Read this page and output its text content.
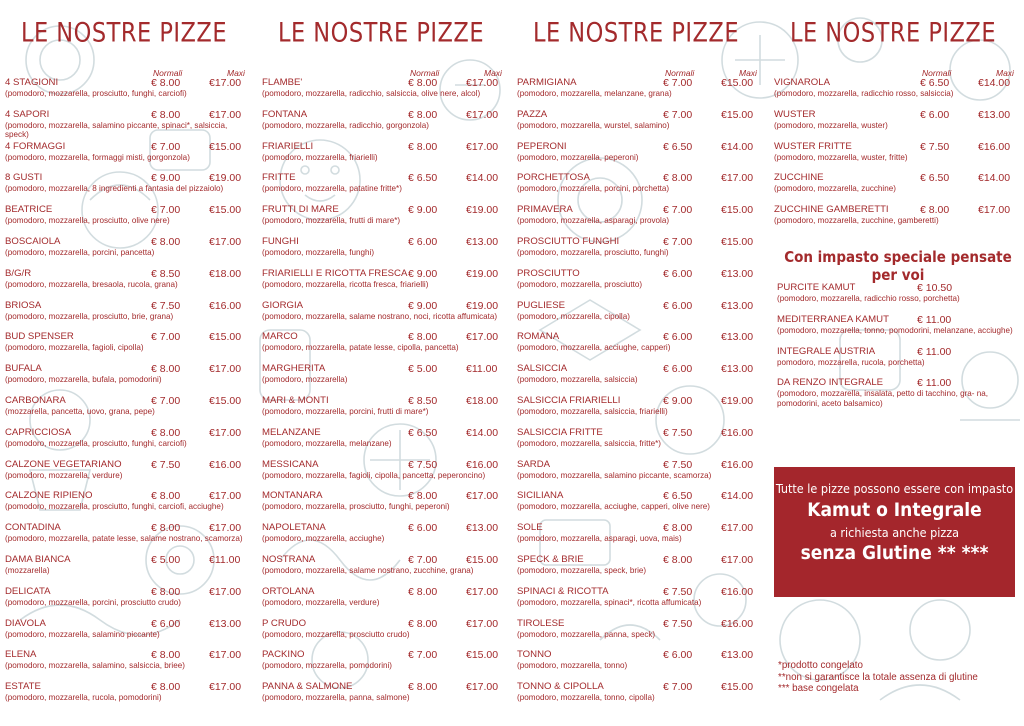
LE NOSTRE PIZZE
Normali	Maxi
4 STAGIONI	€ 8.00	€17.00
(pomodoro, mozzarella, prosciutto, funghi, carciofi)
4 SAPORI	€ 8.00	€17.00
(pomodoro, mozzarella, salamino piccante, spinaci*, salsiccia, speck)
4 FORMAGGI	€ 7.00	€15.00
(pomodoro, mozzarella, formaggi misti, gorgonzola)
8 GUSTI	€ 9.00	€19.00
(pomodoro, mozzarella, 8 ingredienti a fantasia del pizzaiolo)
BEATRICE	€ 7.00	€15.00
(pomodoro, mozzarella, prosciutto, olive nere)
BOSCAIOLA	€ 8.00	€17.00
(pomodoro, mozzarella, porcini, pancetta)
B/G/R	€ 8.50	€18.00
(pomodoro, mozzarella, bresaola, rucola, grana)
BRIOSA	€ 7.50	€16.00
(pomodoro, mozzarella, prosciutto, brie, grana)
BUD SPENSER	€ 7.00	€15.00
(pomodoro, mozzarella, fagioli, cipolla)
BUFALA	€ 8.00	€17.00
(pomodoro, mozzarella, bufala, pomodorini)
CARBONARA	€ 7.00	€15.00
(mozzarella, pancetta, uovo, grana, pepe)
CAPRICCIOSA	€ 8.00	€17.00
(pomodoro, mozzarella, prosciutto, funghi, carciofi)
CALZONE VEGETARIANO	€ 7.50	€16.00
(pomodoro, mozzarella, verdure)
CALZONE RIPIENO	€ 8.00	€17.00
(pomodoro, mozzarella, prosciutto, funghi, carciofi, acciughe)
CONTADINA	€ 8.00	€17.00
(pomodoro, mozzarella, patate lesse, salame nostrano, scamorza)
DAMA BIANCA	€ 5.00	€11.00
(mozzarella)
DELICATA	€ 8.00	€17.00
(pomodoro, mozzarella, porcini, prosciutto crudo)
DIAVOLA	€ 6.00	€13.00
(pomodoro, mozzarella, salamino piccante)
ELENA	€ 8.00	€17.00
(pomodoro, mozzarella, salamino, salsiccia, briee)
ESTATE	€ 8.00	€17.00
(pomodoro, mozzarella, rucola, pomodorini)
LE NOSTRE PIZZE
Normali	Maxi
FLAMBE'	€ 8.00	€17.00
(pomodoro, mozzarella, radicchio, salsiccia, olive nere, alcol)
FONTANA	€ 8.00	€17.00
(pomodoro, mozzarella, radicchio, gorgonzola)
FRIARIELLI	€ 8.00	€17.00
(pomodoro, mozzarella, friarielli)
FRITTE	€ 6.50	€14.00
(pomodoro, mozzarella, patatine fritte*)
FRUTTI DI MARE	€ 9.00	€19.00
(pomodoro, mozzarella, frutti di mare*)
FUNGHI	€ 6.00	€13.00
(pomodoro, mozzarella, funghi)
FRIARIELLI E RICOTTA FRESCA € 9.00	€19.00
(pomodoro, mozzarella, ricotta fresca, friarielli)
GIORGIA	€ 9.00	€19.00
(pomodoro, mozzarella, salame nostrano, noci, ricotta affumicata)
MARCO	€ 8.00	€17.00
(pomodoro, mozzarella, patate lesse, cipolla, pancetta)
MARGHERITA	€ 5.00	€11.00
(pomodoro, mozzarella)
MARI & MONTI	€ 8.50	€18.00
(pomodoro, mozzarella, porcini, frutti di mare*)
MELANZANE	€ 6.50	€14.00
(pomodoro, mozzarella, melanzane)
MESSICANA	€ 7.50	€16.00
(pomodoro, mozzarella, fagioli, cipolla, pancetta, peperoncino)
MONTANARA	€ 8.00	€17.00
(pomodoro, mozzarella, prosciutto, funghi, peperoni)
NAPOLETANA	€ 6.00	€13.00
(pomodoro, mozzarella, acciughe)
NOSTRANA	€ 7.00	€15.00
(pomodoro, mozzarella, salame nostrano, zucchine, grana)
ORTOLANA	€ 8.00	€17.00
(pomodoro, mozzarella, verdure)
P CRUDO	€ 8.00	€17.00
(pomodoro, mozzarella, prosciutto crudo)
PACKINO	€ 7.00	€15.00
(pomodoro, mozzarella, pomodorini)
PANNA & SALMONE	€ 8.00	€17.00
(pomodoro, mozzarella, panna, salmone)
LE NOSTRE PIZZE
Normali	Maxi
PARMIGIANA	€ 7.00	€15.00
(pomodoro, mozzarella, melanzane, grana)
PAZZA	€ 7.00	€15.00
(pomodoro, mozzarella, wurstel, salamino)
PEPERONI	€ 6.50	€14.00
(pomodoro, mozzarella, peperoni)
PORCHETTOSA	€ 8.00	€17.00
(pomodoro, mozzarella, porcini, porchetta)
PRIMAVERA	€ 7.00	€15.00
(pomodoro, mozzarella, asparagi, provola)
PROSCIUTTO FUNGHI	€ 7.00	€15.00
(pomodoro, mozzarella, prosciutto, funghi)
PROSCIUTTO	€ 6.00	€13.00
(pomodoro, mozzarella, prosciutto)
PUGLIESE	€ 6.00	€13.00
(pomodoro, mozzarella, cipolla)
ROMANA	€ 6.00	€13.00
(pomodoro, mozzarella, acciughe, capperi)
SALSICCIA	€ 6.00	€13.00
(pomodoro, mozzarella, salsiccia)
SALSICCIA FRIARIELLI	€ 9.00	€19.00
(pomodoro, mozzarella, salsiccia, friarielli)
SALSICCIA FRITTE	€ 7.50	€16.00
(pomodoro, mozzarella, salsiccia, fritte*)
SARDA	€ 7.50	€16.00
(pomodoro, mozzarella, salamino piccante, scamorza)
SICILIANA	€ 6.50	€14.00
(pomodoro, mozzarella, acciughe, capperi, olive nere)
SOLE	€ 8.00	€17.00
(pomodoro, mozzarella, asparagi, uova, mais)
SPECK & BRIE	€ 8.00	€17.00
(pomodoro, mozzarella, speck, brie)
SPINACI & RICOTTA	€ 7.50	€16.00
(pomodoro, mozzarella, spinaci*, ricotta affumicata)
TIROLESE	€ 7.50	€16.00
(pomodoro, mozzarella, panna, speck)
TONNO	€ 6.00	€13.00
(pomodoro, mozzarella, tonno)
TONNO & CIPOLLA	€ 7.00	€15.00
(pomodoro, mozzarella, tonno, cipolla)
LE NOSTRE PIZZE
Normali	Maxi
VIGNAROLA	€ 6.50	€14.00
(pomodoro, mozzarella, radicchio rosso, salsiccia)
WUSTER	€ 6.00	€13.00
(pomodoro, mozzarella, wuster)
WUSTER FRITTE	€ 7.50	€16.00
(pomodoro, mozzarella, wuster, fritte)
ZUCCHINE	€ 6.50	€14.00
(pomodoro, mozzarella, zucchine)
ZUCCHINE GAMBERETTI	€ 8.00	€17.00
(pomodoro, mozzarella, zucchine, gamberetti)
Con impasto speciale pensate per voi
PURCITE KAMUT	€ 10.50
(pomodoro, mozzarella, radicchio rosso, porchetta)
MEDITERRANEA KAMUT	€ 11.00
(pomodoro, mozzarella, tonno, pomodorini, melanzane, acciughe)
INTEGRALE AUSTRIA	€ 11.00
pomodoro, mozzarella, rucola, porchetta)
DA RENZO INTEGRALE	€ 11.00
(pomodoro, mozzarella, insalata, petto di tacchino, gra- na, pomodorini, aceto balsamico)
Tutte le pizze possono essere con impasto
Kamut o Integrale
a richiesta anche pizza
senza Glutine ** ***
*prodotto congelato
**non si garantisce la totale assenza di glutine
*** base congelata
